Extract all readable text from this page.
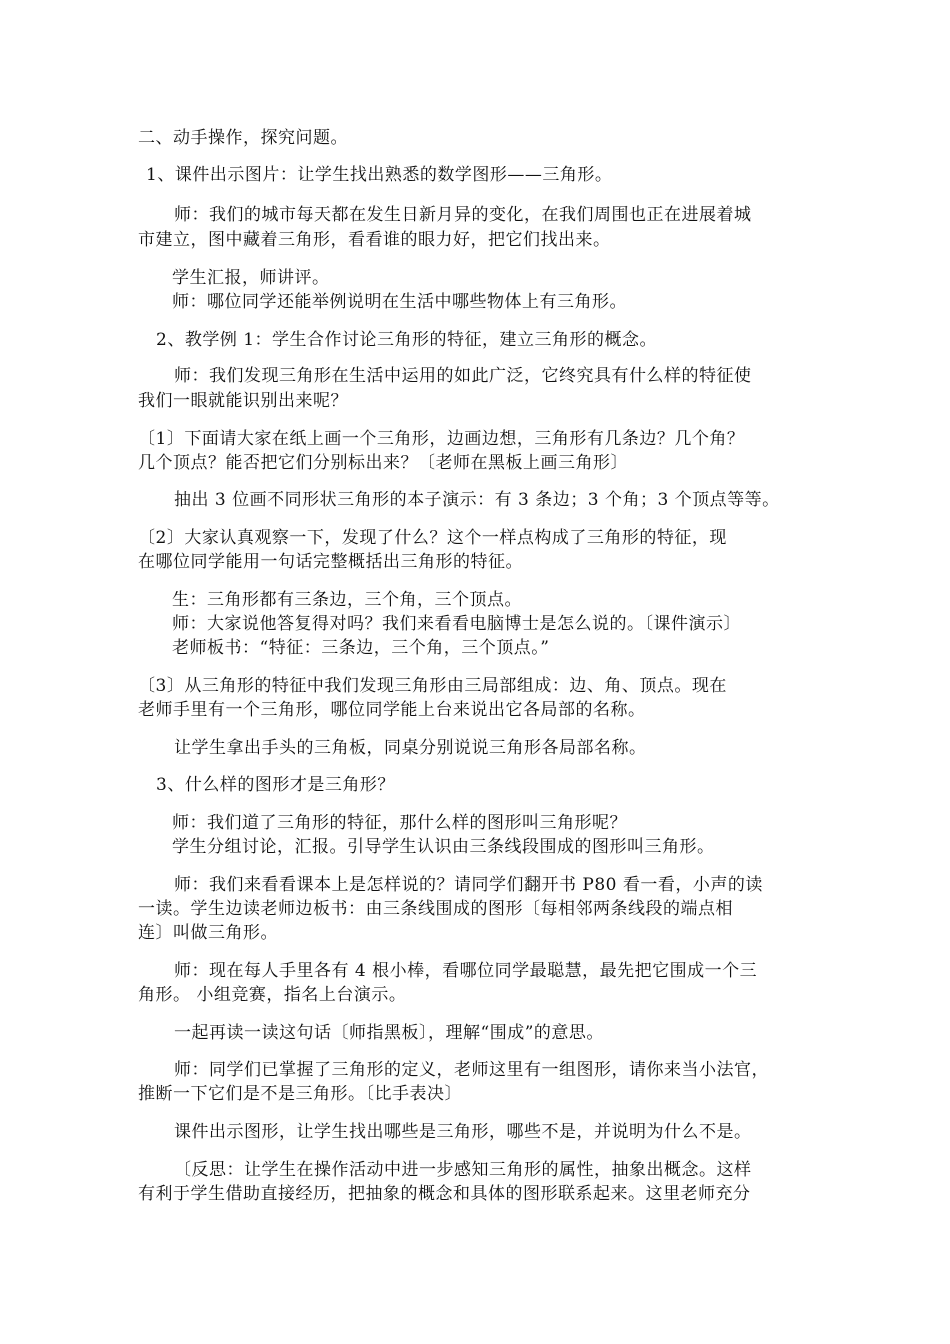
二、动手操作，探究问题。
1、课件出示图片：让学生找出熟悉的数学图形——三角形。
师：我们的城市每天都在发生日新月异的变化，在我们周围也正在进展着城
市建立，图中藏着三角形，看看谁的眼力好，把它们找出来。
学生汇报，师讲评。
师：哪位同学还能举例说明在生活中哪些物体上有三角形。
2、教学例 1：学生合作讨论三角形的特征，建立三角形的概念。
师：我们发现三角形在生活中运用的如此广泛，它终究具有什么样的特征使
我们一眼就能识别出来呢？
〔1〕下面请大家在纸上画一个三角形，边画边想，三角形有几条边？几个角？
几个顶点？能否把它们分别标出来？〔老师在黑板上画三角形〕
抽出 3 位画不同形状三角形的本子演示：有 3 条边；3 个角；3 个顶点等等。
〔2〕大家认真观察一下，发现了什么？这个一样点构成了三角形的特征，现
在哪位同学能用一句话完整概括出三角形的特征。
生：三角形都有三条边，三个角，三个顶点。
师：大家说他答复得对吗？我们来看看电脑博士是怎么说的。〔课件演示〕
老师板书：“特征：三条边，三个角，三个顶点。”
〔3〕从三角形的特征中我们发现三角形由三局部组成：边、角、顶点。现在
老师手里有一个三角形，哪位同学能上台来说出它各局部的名称。
让学生拿出手头的三角板，同桌分别说说三角形各局部名称。
3、什么样的图形才是三角形？
师：我们道了三角形的特征，那什么样的图形叫三角形呢？
学生分组讨论，汇报。引导学生认识由三条线段围成的图形叫三角形。
师：我们来看看课本上是怎样说的？请同学们翻开书 P80 看一看，小声的读
一读。学生边读老师边板书：由三条线围成的图形〔每相邻两条线段的端点相
连〕叫做三角形。
师：现在每人手里各有 4 根小棒，看哪位同学最聪慧，最先把它围成一个三
角形。 小组竞赛，指名上台演示。
一起再读一读这句话〔师指黑板〕，理解“围成”的意思。
师：同学们已掌握了三角形的定义，老师这里有一组图形，请你来当小法官，
推断一下它们是不是三角形。〔比手表决〕
课件出示图形，让学生找出哪些是三角形，哪些不是，并说明为什么不是。
〔反思：让学生在操作活动中进一步感知三角形的属性，抽象出概念。这样
有利于学生借助直接经历，把抽象的概念和具体的图形联系起来。这里老师充分
